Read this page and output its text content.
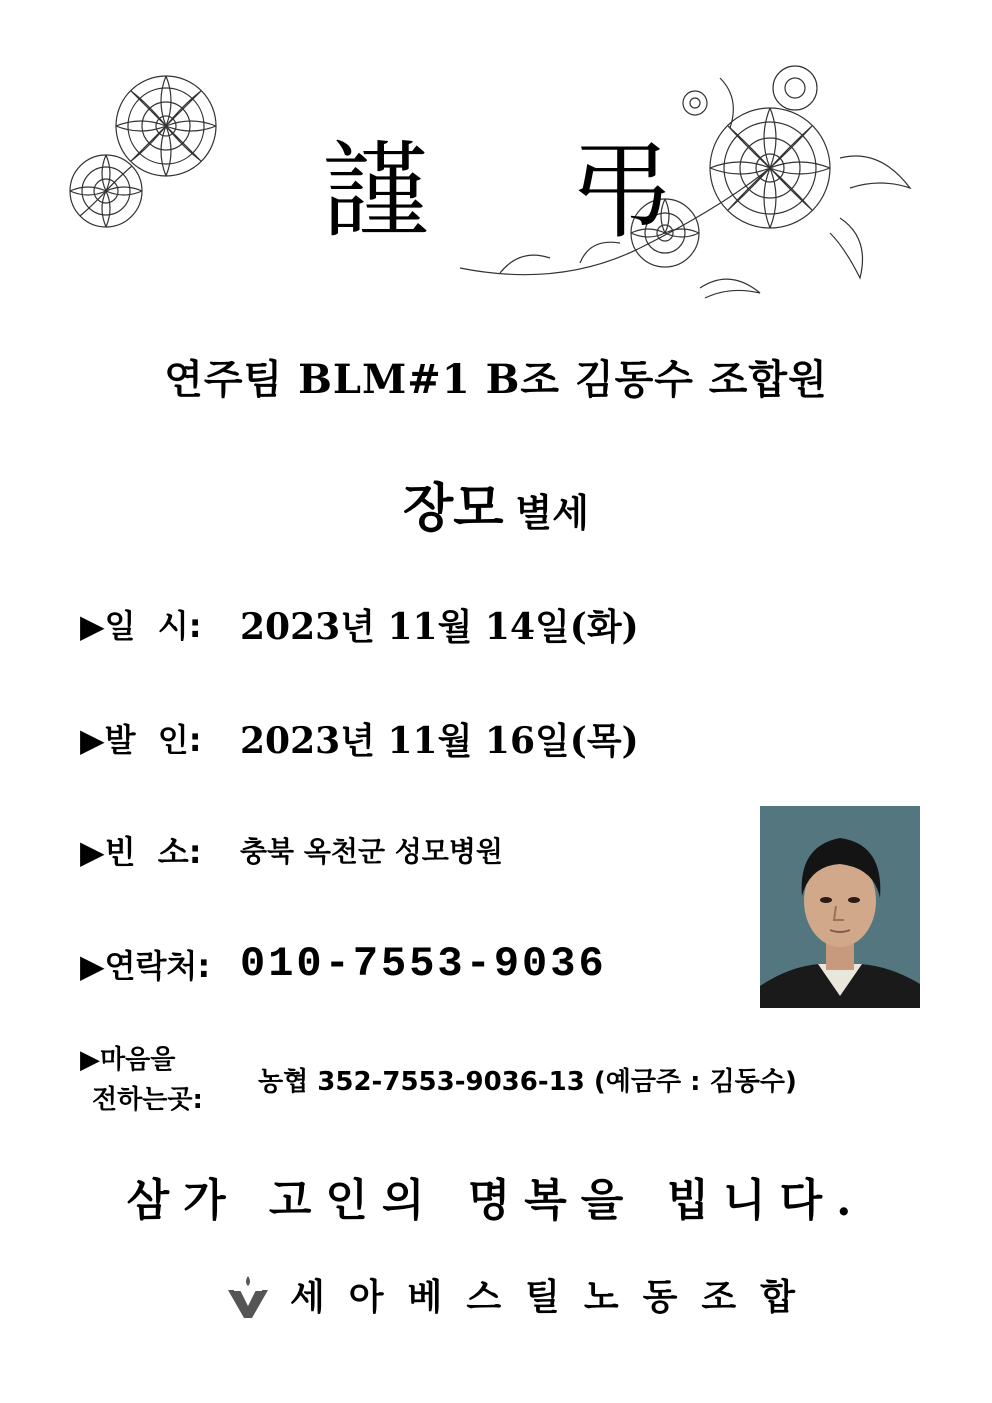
謹 弔
연주팀 BLM#1 B조 김동수 조합원
장모 별세
▶일  시:	2023년 11월 14일(화)
▶발  인:	2023년 11월 16일(목)
▶빈  소:	충북 옥천군 성모병원
▶연락처: 010-7553-9036
▶마음을
전하는곳:
농협 352-7553-9036-13 (예금주 : 김동수)
삼가 고인의 명복을 빕니다.
세아베스틸노동조합
